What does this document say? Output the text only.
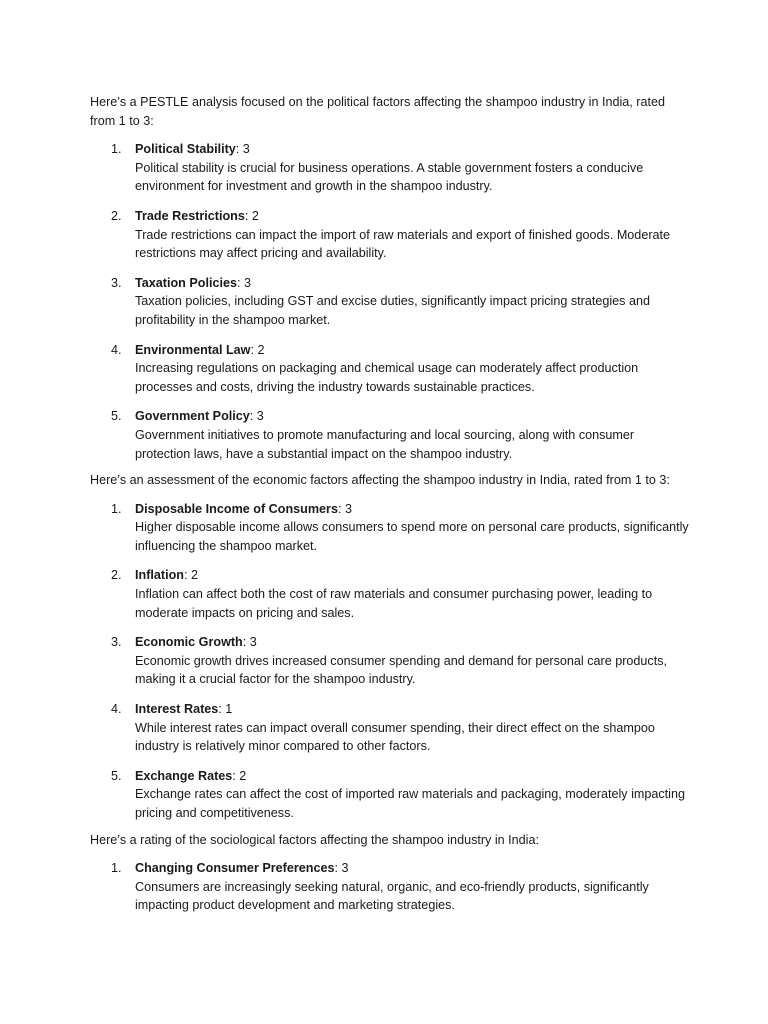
Here’s a PESTLE analysis focused on the political factors affecting the shampoo industry in India, rated from 1 to 3:

1. Political Stability: 3
Political stability is crucial for business operations. A stable government fosters a conducive environment for investment and growth in the shampoo industry.
2. Trade Restrictions: 2
Trade restrictions can impact the import of raw materials and export of finished goods. Moderate restrictions may affect pricing and availability.
3. Taxation Policies: 3
Taxation policies, including GST and excise duties, significantly impact pricing strategies and profitability in the shampoo market.
4. Environmental Law: 2
Increasing regulations on packaging and chemical usage can moderately affect production processes and costs, driving the industry towards sustainable practices.
5. Government Policy: 3
Government initiatives to promote manufacturing and local sourcing, along with consumer protection laws, have a substantial impact on the shampoo industry.

Here’s an assessment of the economic factors affecting the shampoo industry in India, rated from 1 to 3:

1. Disposable Income of Consumers: 3
Higher disposable income allows consumers to spend more on personal care products, significantly influencing the shampoo market.
2. Inflation: 2
Inflation can affect both the cost of raw materials and consumer purchasing power, leading to moderate impacts on pricing and sales.
3. Economic Growth: 3
Economic growth drives increased consumer spending and demand for personal care products, making it a crucial factor for the shampoo industry.
4. Interest Rates: 1
While interest rates can impact overall consumer spending, their direct effect on the shampoo industry is relatively minor compared to other factors.
5. Exchange Rates: 2
Exchange rates can affect the cost of imported raw materials and packaging, moderately impacting pricing and competitiveness.

Here’s a rating of the sociological factors affecting the shampoo industry in India:

1. Changing Consumer Preferences: 3
Consumers are increasingly seeking natural, organic, and eco-friendly products, significantly impacting product development and marketing strategies.
